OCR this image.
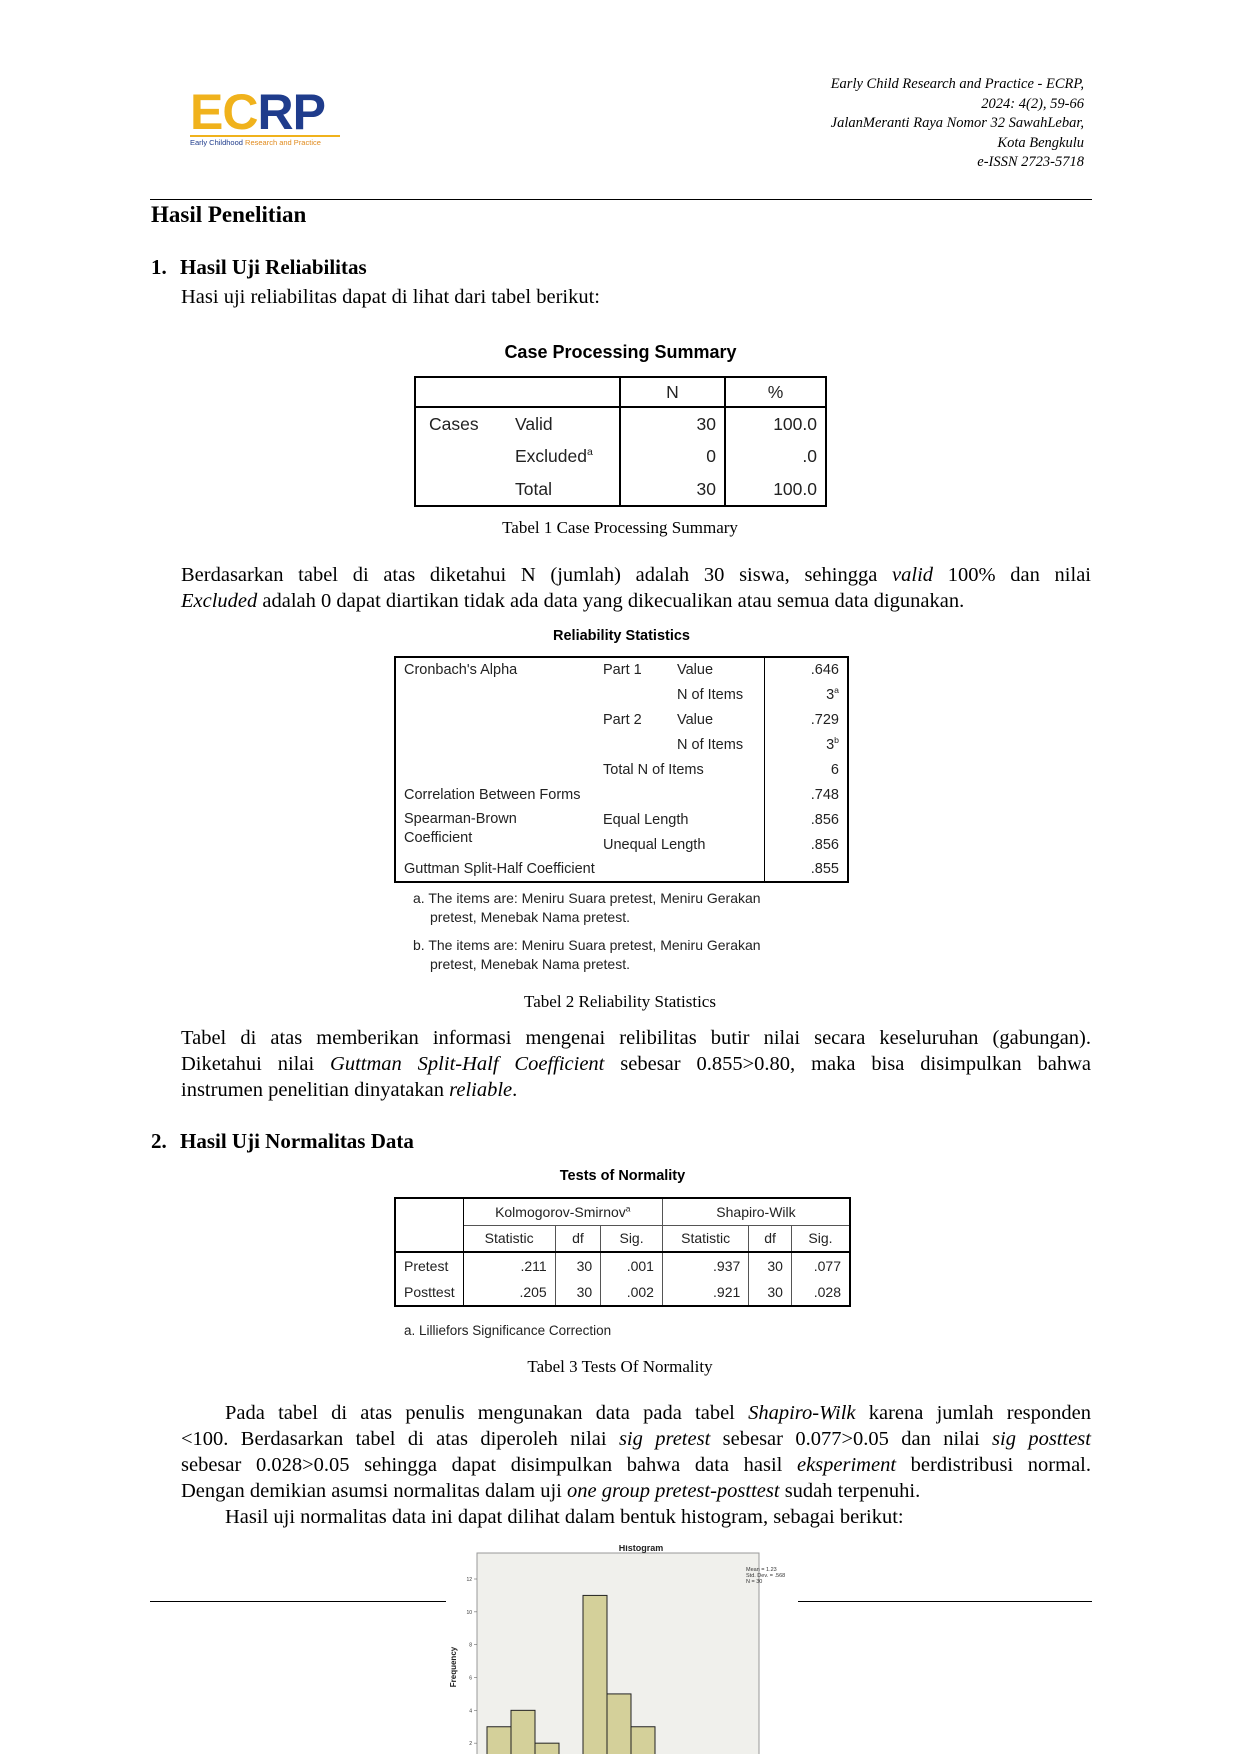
EC RP
Early Childhood Research and Practice
Early Child Research and Practice - ECRP,
2024: 4(2), 59-66
JalanMeranti Raya Nomor 32 SawahLebar,
Kota Bengkulu
e-ISSN 2723-5718
Hasil Penelitian
1. Hasil Uji Reliabilitas
Hasi uji reliabilitas dapat di lihat dari tabel berikut:
Case Processing Summary
	N	%
Cases Valid	30	100.0
Excluded$^a$	0	.0
Total	30	100.0
Tabel 1 Case Processing Summary
Berdasarkan tabel di atas diketahui N (jumlah) adalah 30 siswa, sehingga valid 100% dan nilai
Excluded adalah 0 dapat diartikan tidak ada data yang dikecualikan atau semua data digunakan.
Reliability Statistics
Cronbach's Alpha	Part 1	Value	.646
		N of Items	3$^a$
	Part 2	Value	.729
		N of Items	3$^b$
	Total N of Items		6
Correlation Between Forms			.748

Spearman-Brown
Coefficient	Equal Length		.856
	Unequal Length		.856
Guttman Split-Half Coefficient			.855
a. The items are: Meniru Suara pretest, Meniru Gerakan
pretest, Menebak Nama pretest.
b. The items are: Meniru Suara pretest, Meniru Gerakan
pretest, Menebak Nama pretest.
Tabel 2 Reliability Statistics
Tabel di atas memberikan informasi mengenai relibilitas butir nilai secara keseluruhan (gabungan).
Diketahui nilai Guttman Split-Half Coefficient sebesar 0.855>0.80, maka bisa disimpulkan bahwa
instrumen penelitian dinyatakan reliable.
2. Hasil Uji Normalitas Data
Tests of Normality
	Kolmogorov-Smirnov$^a$			Shapiro-Wilk		
	Statistic	df	Sig.	Statistic	df	Sig.
Pretest	.211	30	.001	.937	30	.077
Posttest	.205	30	.002	.921	30	.028
a. Lilliefors Significance Correction
Tabel 3 Tests Of Normality
Pada tabel di atas penulis mengunakan data pada tabel Shapiro-Wilk karena jumlah responden
<100. Berdasarkan tabel di atas diperoleh nilai sig pretest sebesar 0.077>0.05 dan nilai sig posttest
sebesar 0.028>0.05 sehingga dapat disimpulkan bahwa data hasil eksperiment berdistribusi normal.
Dengan demikian asumsi normalitas dalam uji one group pretest-posttest sudah terpenuhi.
Hasil uji normalitas data ini dapat dilihat dalam bentuk histogram, sebagai berikut:
Histogram
Frequency
Mean = 1.23
Std. Dev. = .568
N = 30
2
4
6
8
10
12
